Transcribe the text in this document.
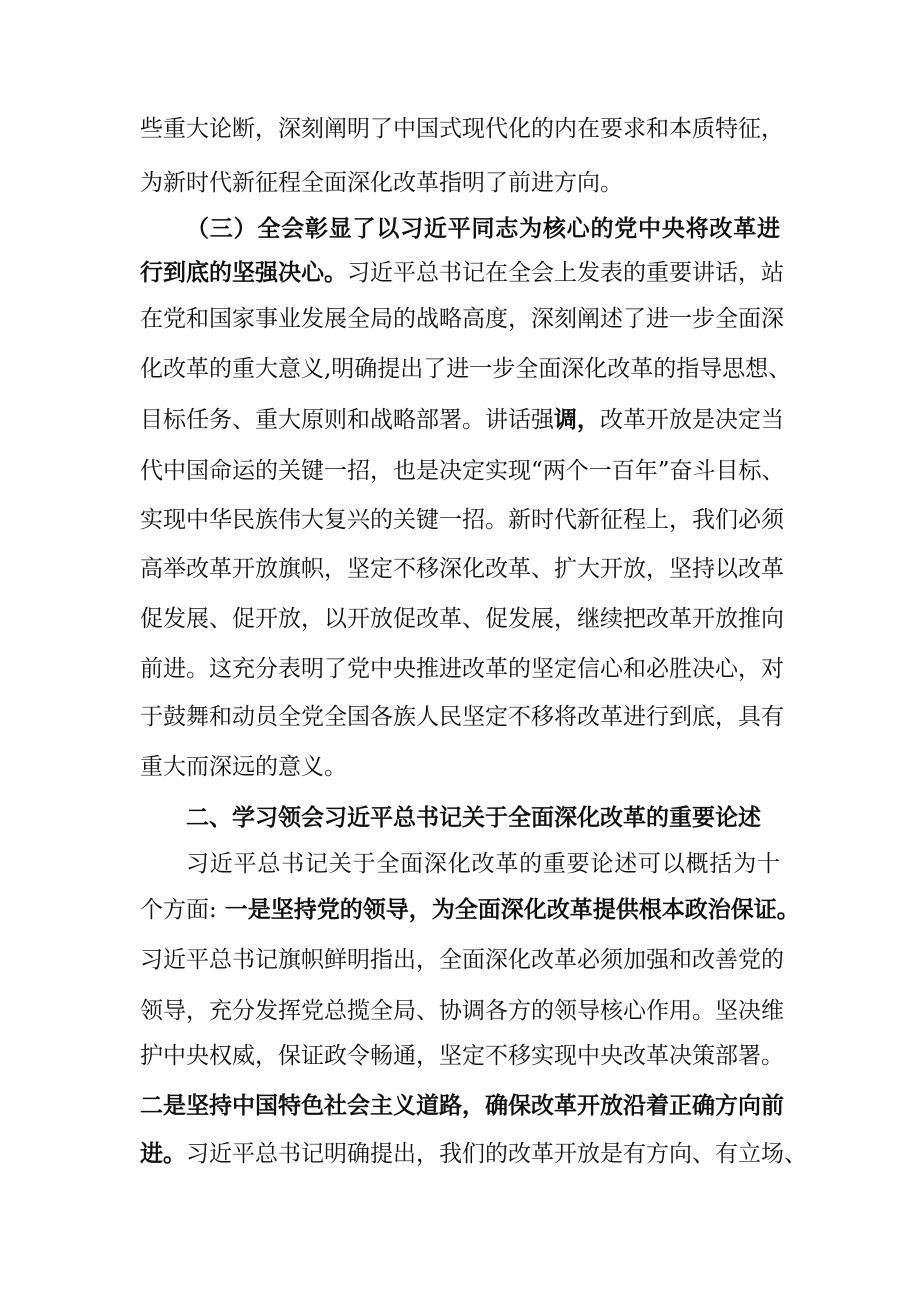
些重大论断，深刻阐明了中国式现代化的内在要求和本质特征，
为新时代新征程全面深化改革指明了前进方向。
（三）全会彰显了以习近平同志为核心的党中央将改革进
行到底的坚强决心。习近平总书记在全会上发表的重要讲话，站
在党和国家事业发展全局的战略高度，深刻阐述了进一步全面深
化改革的重大意义,明确提出了进一步全面深化改革的指导思想、
目标任务、重大原则和战略部署。讲话强调，改革开放是决定当
代中国命运的关键一招，也是决定实现“两个一百年”奋斗目标、
实现中华民族伟大复兴的关键一招。新时代新征程上，我们必须
高举改革开放旗帜，坚定不移深化改革、扩大开放，坚持以改革
促发展、促开放，以开放促改革、促发展，继续把改革开放推向
前进。这充分表明了党中央推进改革的坚定信心和必胜决心，对
于鼓舞和动员全党全国各族人民坚定不移将改革进行到底，具有
重大而深远的意义。
二、学习领会习近平总书记关于全面深化改革的重要论述
习近平总书记关于全面深化改革的重要论述可以概括为十
个方面: 一是坚持党的领导，为全面深化改革提供根本政治保证。
习近平总书记旗帜鲜明指出，全面深化改革必须加强和改善党的
领导，充分发挥党总揽全局、协调各方的领导核心作用。坚决维
护中央权威，保证政令畅通，坚定不移实现中央改革决策部署。
二是坚持中国特色社会主义道路，确保改革开放沿着正确方向前
进。习近平总书记明确提出，我们的改革开放是有方向、有立场、
